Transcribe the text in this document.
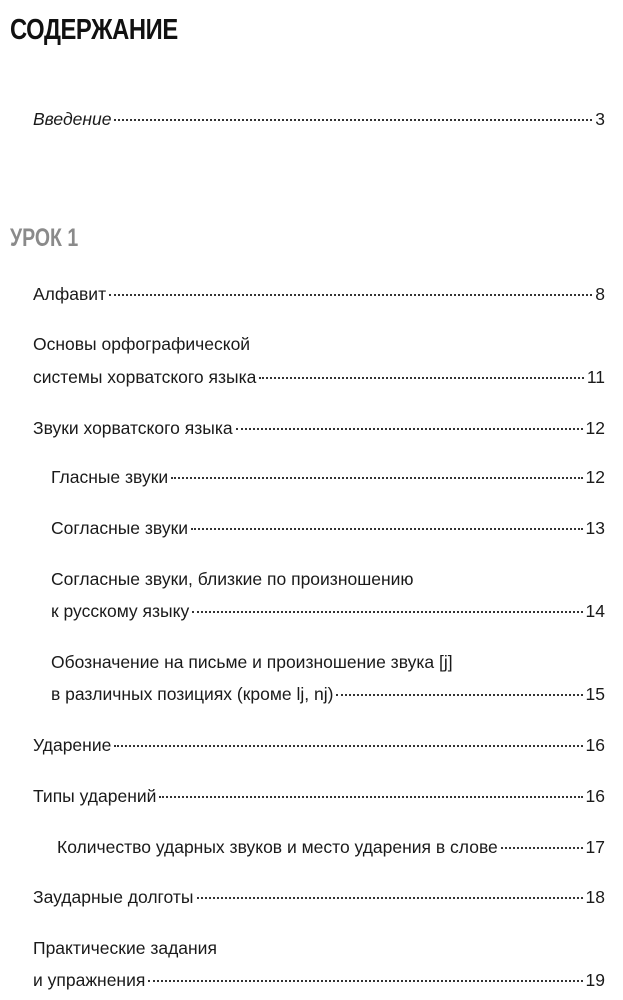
СОДЕРЖАНИЕ
Введение	3
УРОК 1
Алфавит	8
Основы орфографической
системы хорватского языка	11
Звуки хорватского языка	12
Гласные звуки	12
Согласные звуки	13
Согласные звуки, близкие по произношению
к русскому языку	14
Обозначение на письме и произношение звука [j]
в различных позициях (кроме lj, nj)	15
Ударение	16
Типы ударений	16
Количество ударных звуков и место ударения в слове	17
Заударные долготы	18
Практические задания
и упражнения	19
